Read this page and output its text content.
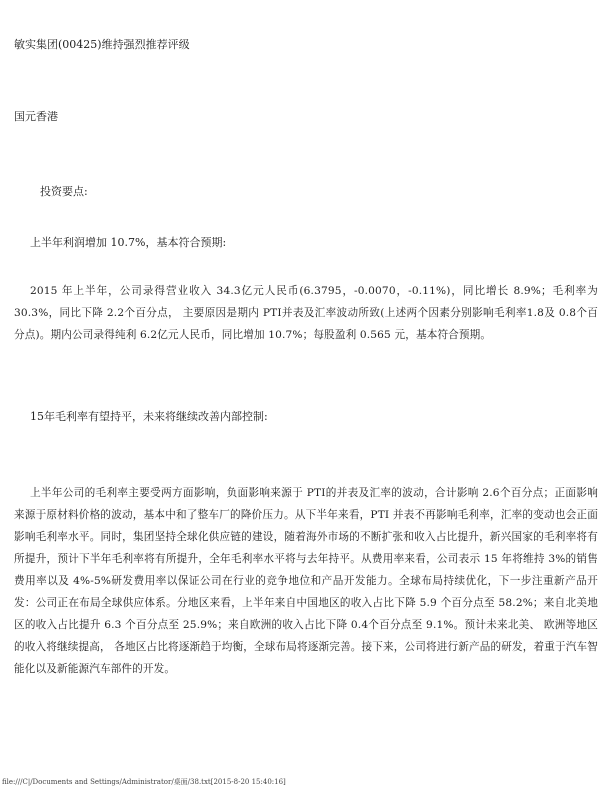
敏实集团(00425)维持强烈推荐评级
国元香港
投资要点:
上半年利润增加 10.7%，基本符合预期:
2015 年上半年，公司录得营业收入 34.3亿元人民币(6.3795，-0.0070，-0.11%)，同比增长 8.9%；毛利率为 30.3%，同比下降 2.2个百分点， 主要原因是期内 PTI并表及汇率波动所致(上述两个因素分别影响毛利率1.8及 0.8个百分点)。期内公司录得纯利 6.2亿元人民币，同比增加 10.7%；每股盈利 0.565 元，基本符合预期。
15年毛利率有望持平，未来将继续改善内部控制:
上半年公司的毛利率主要受两方面影响，负面影响来源于 PTI的并表及汇率的波动，合计影响 2.6个百分点；正面影响来源于原材料价格的波动，基本中和了整车厂的降价压力。从下半年来看，PTI 并表不再影响毛利率，汇率的变动也会正面影响毛利率水平。同时，集团坚持全球化供应链的建设，随着海外市场的不断扩张和收入占比提升，新兴国家的毛利率将有所提升，预计下半年毛利率将有所提升，全年毛利率水平将与去年持平。从费用率来看，公司表示 15 年将维持 3%的销售费用率以及 4%-5%研发费用率以保证公司在行业的竞争地位和产品开发能力。全球布局持续优化，下一步注重新产品开发：公司正在布局全球供应体系。分地区来看，上半年来自中国地区的收入占比下降 5.9 个百分点至 58.2%；来自北美地区的收入占比提升 6.3 个百分点至 25.9%；来自欧洲的收入占比下降 0.4个百分点至 9.1%。预计未来北美、 欧洲等地区的收入将继续提高， 各地区占比将逐渐趋于均衡，全球布局将逐渐完善。接下来，公司将进行新产品的研发，着重于汽车智能化以及新能源汽车部件的开发。
file:///C|/Documents and Settings/Administrator/桌面/38.txt[2015-8-20 15:40:16]
